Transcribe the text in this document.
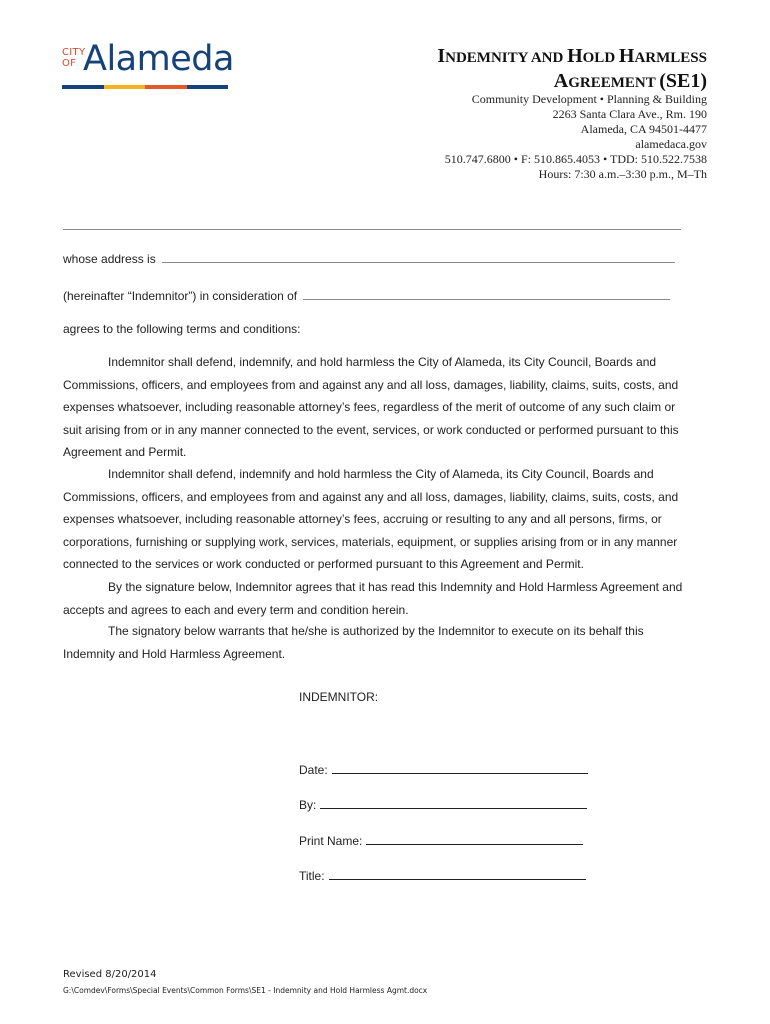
CITY
OF Alameda	INDEMNITY AND HOLD HARMLESS
AGREEMENT (SE1)
Community Development • Planning & Building
2263 Santa Clara Ave., Rm. 190
Alameda, CA 94501-4477
alamedaca.gov
510.747.6800 • F: 510.865.4053 • TDD: 510.522.7538
Hours: 7:30 a.m.–3:30 p.m., M–Th
whose address is
(hereinafter “Indemnitor”) in consideration of
agrees to the following terms and conditions:

Indemnitor shall defend, indemnify, and hold harmless the City of Alameda, its City Council, Boards and Commissions, officers, and employees from and against any and all loss, damages, liability, claims, suits, costs, and expenses whatsoever, including reasonable attorney’s fees, regardless of the merit of outcome of any such claim or suit arising from or in any manner connected to the event, services, or work conducted or performed pursuant to this Agreement and Permit.

Indemnitor shall defend, indemnify and hold harmless the City of Alameda, its City Council, Boards and Commissions, officers, and employees from and against any and all loss, damages, liability, claims, suits, costs, and expenses whatsoever, including reasonable attorney’s fees, accruing or resulting to any and all persons, firms, or corporations, furnishing or supplying work, services, materials, equipment, or supplies arising from or in any manner connected to the services or work conducted or performed pursuant to this Agreement and Permit.

By the signature below, Indemnitor agrees that it has read this Indemnity and Hold Harmless Agreement and accepts and agrees to each and every term and condition herein.

The signatory below warrants that he/she is authorized by the Indemnitor to execute on its behalf this Indemnity and Hold Harmless Agreement.

INDEMNITOR:
Date:
By:
Print Name:
Title:
Revised 8/20/2014
G:\Comdev\Forms\Special Events\Common Forms\SE1 - Indemnity and Hold Harmless Agmt.docx
